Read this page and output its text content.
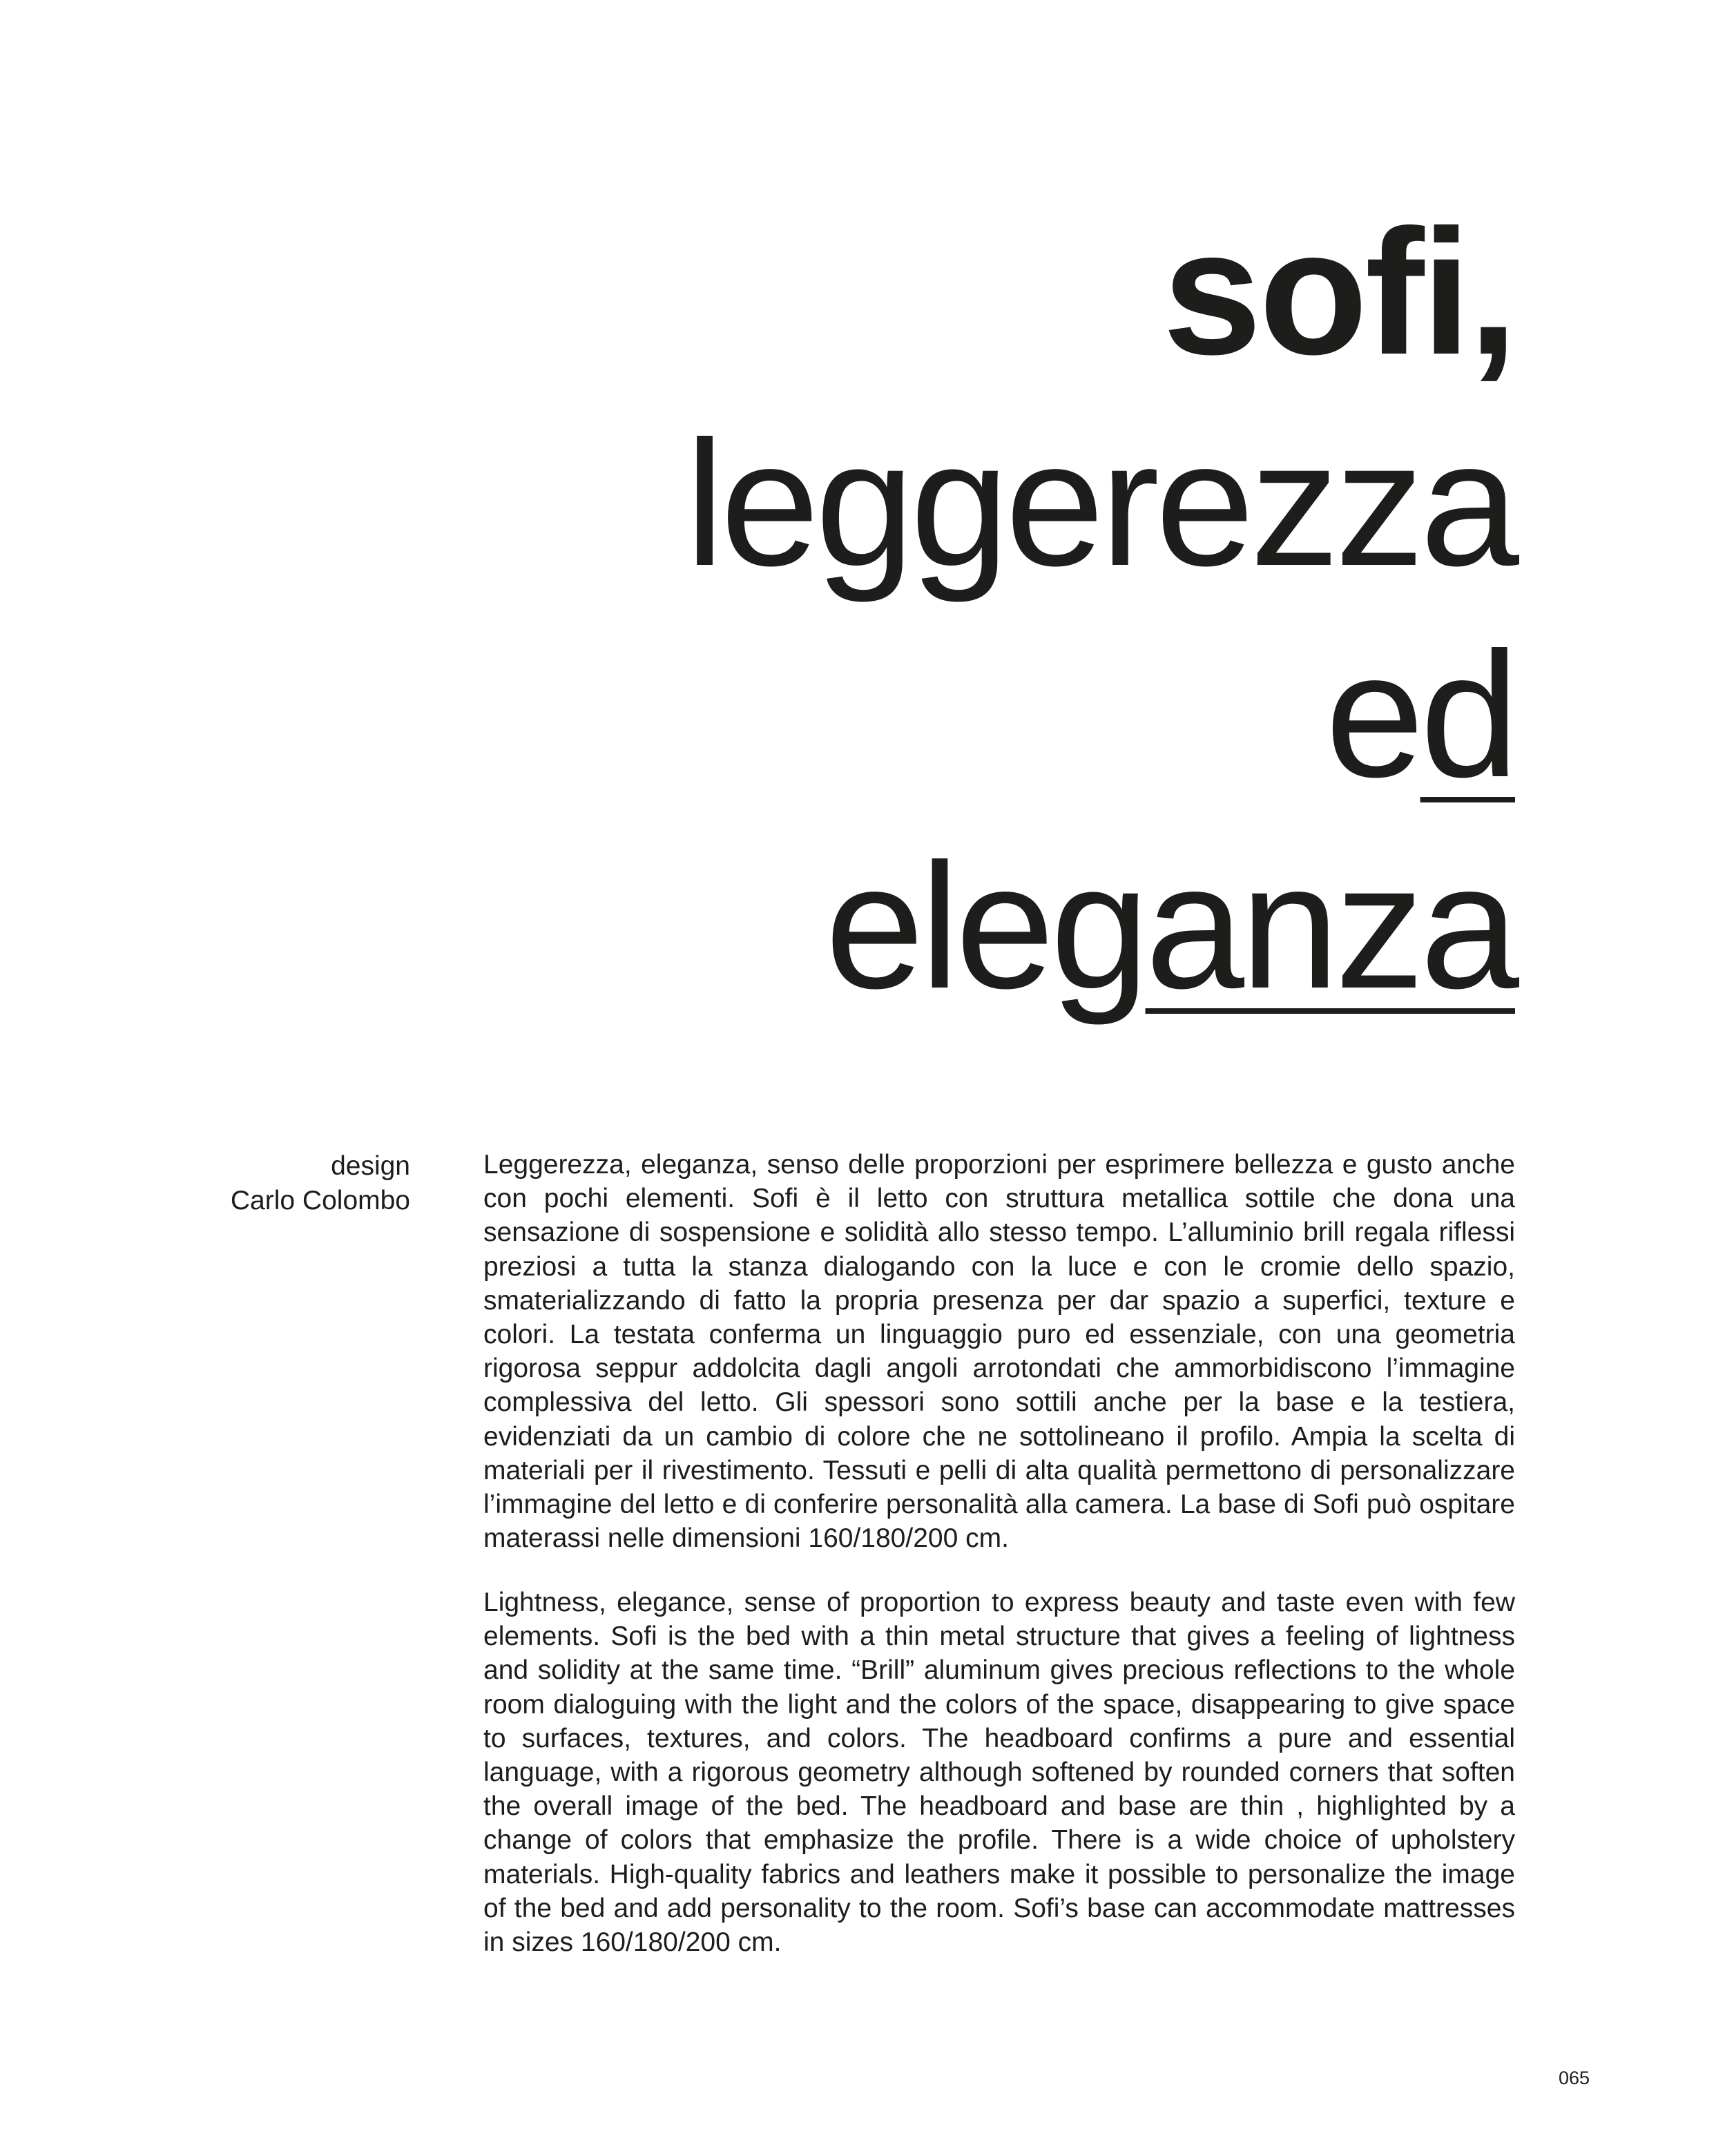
sofi,
leggerezza
ed
eleganza
design
Carlo Colombo

Leggerezza, eleganza, senso delle proporzioni per esprimere bellezza e gusto anche con pochi elementi. Sofi è il letto con struttura metallica sottile che dona una sensazione di sospensione e solidità allo stesso tempo. L’alluminio brill regala riflessi preziosi a tutta la stanza dialogando con la luce e con le cromie dello spazio, smaterializzando di fatto la propria presenza per dar spazio a superfici, texture e colori. La testata conferma un linguaggio puro ed essenziale, con una geometria rigorosa seppur addolcita dagli angoli arrotondati che ammorbidiscono l’immagine complessiva del letto. Gli spessori sono sottili anche per la base e la testiera, evidenziati da un cambio di colore che ne sottolineano il profilo. Ampia la scelta di materiali per il rivestimento. Tessuti e pelli di alta qualità permettono di personalizzare l’immagine del letto e di conferire personalità alla camera. La base di Sofi può ospitare materassi nelle dimensioni 160/180/200 cm.

Lightness, elegance, sense of proportion to express beauty and taste even with few elements. Sofi is the bed with a thin metal structure that gives a feeling of lightness and solidity at the same time. “Brill” aluminum gives precious reflections to the whole room dialoguing with the light and the colors of the space, disappearing to give space to surfaces, textures, and colors. The headboard confirms a pure and essential language, with a rigorous geometry although softened by rounded corners that soften the overall image of the bed. The headboard and base are thin , highlighted by a change of colors that emphasize the profile. There is a wide choice of upholstery materials. High-quality fabrics and leathers make it possible to personalize the image of the bed and add personality to the room. Sofi’s base can accommodate mattresses in sizes 160/180/200 cm.

065
